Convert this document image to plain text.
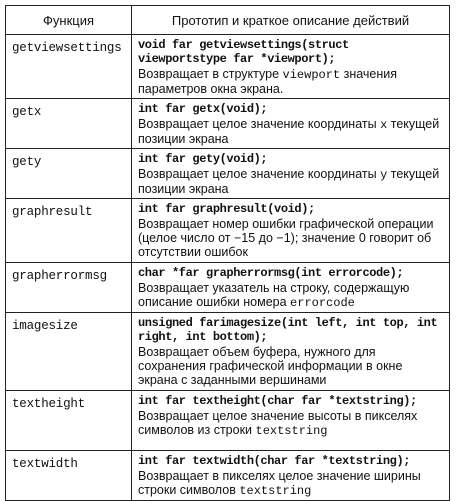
Функция	Прототип и краткое описание действий

getviewsettings	void far getviewsettings(struct viewportstype far *viewport);
Возвращает в структуре viewport значения параметров окна экрана.

getx	int far getx(void);
Возвращает целое значение координаты x текущей позиции экрана

gety	int far gety(void);
Возвращает целое значение координаты y текущей позиции экрана

graphresult	int far graphresult(void);
Возвращает номер ошибки графической операции (целое число от −15 до −1); значение 0 говорит об отсутствии ошибок

grapherrormsg	char *far grapherrormsg(int errorcode);
Возвращает указатель на строку, содержащую описание ошибки номера errorcode

imagesize	unsigned farimagesize(int left, int top, int right, int bottom);
Возвращает объем буфера, нужного для сохранения графической информации в окне экрана с заданными вершинами

textheight	int far textheight(char far *textstring);
Возвращает целое значение высоты в пикселях символов из строки textstring

textwidth	int far textwidth(char far *textstring);
Возвращает в пикселях целое значение ширины строки символов textstring
